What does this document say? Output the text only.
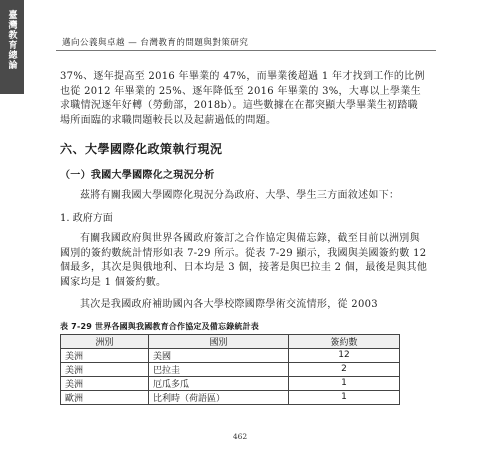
臺灣教育總論	邁向公義與卓越 — 台灣教育的問題與對策研究

37%、逐年提高至 2016 年畢業的 47%，而畢業後超過 1 年才找到工作的比例也從 2012 年畢業的 25%、逐年降低至 2016 年畢業的 3%，大專以上學業生求職情況逐年好轉（勞動部，2018b）。這些數據在在都突顯大學畢業生初踏職場所面臨的求職問題較長以及起薪過低的問題。

六、大學國際化政策執行現況
（一）我國大學國際化之現況分析

茲將有關我國大學國際化現況分為政府、大學、學生三方面敘述如下：

1. 政府方面

有關我國政府與世界各國政府簽訂之合作協定與備忘錄，截至目前以洲別與國別的簽約數統計情形如表 7-29 所示。從表 7-29 顯示，我國與美國簽約數 12 個最多，其次是與俄地利、日本均是 3 個，接著是與巴拉圭 2 個，最後是與其他國家均是 1 個簽約數。

其次是我國政府補助國內各大學校際國際學術交流情形，從 2003

表 7-29 世界各國與我國教育合作協定及備忘錄統計表
洲別	國別	簽約數
美洲	美國	12
美洲	巴拉圭	2
美洲	厄瓜多瓜	1
歐洲	比利時（荷語區）	1
462
